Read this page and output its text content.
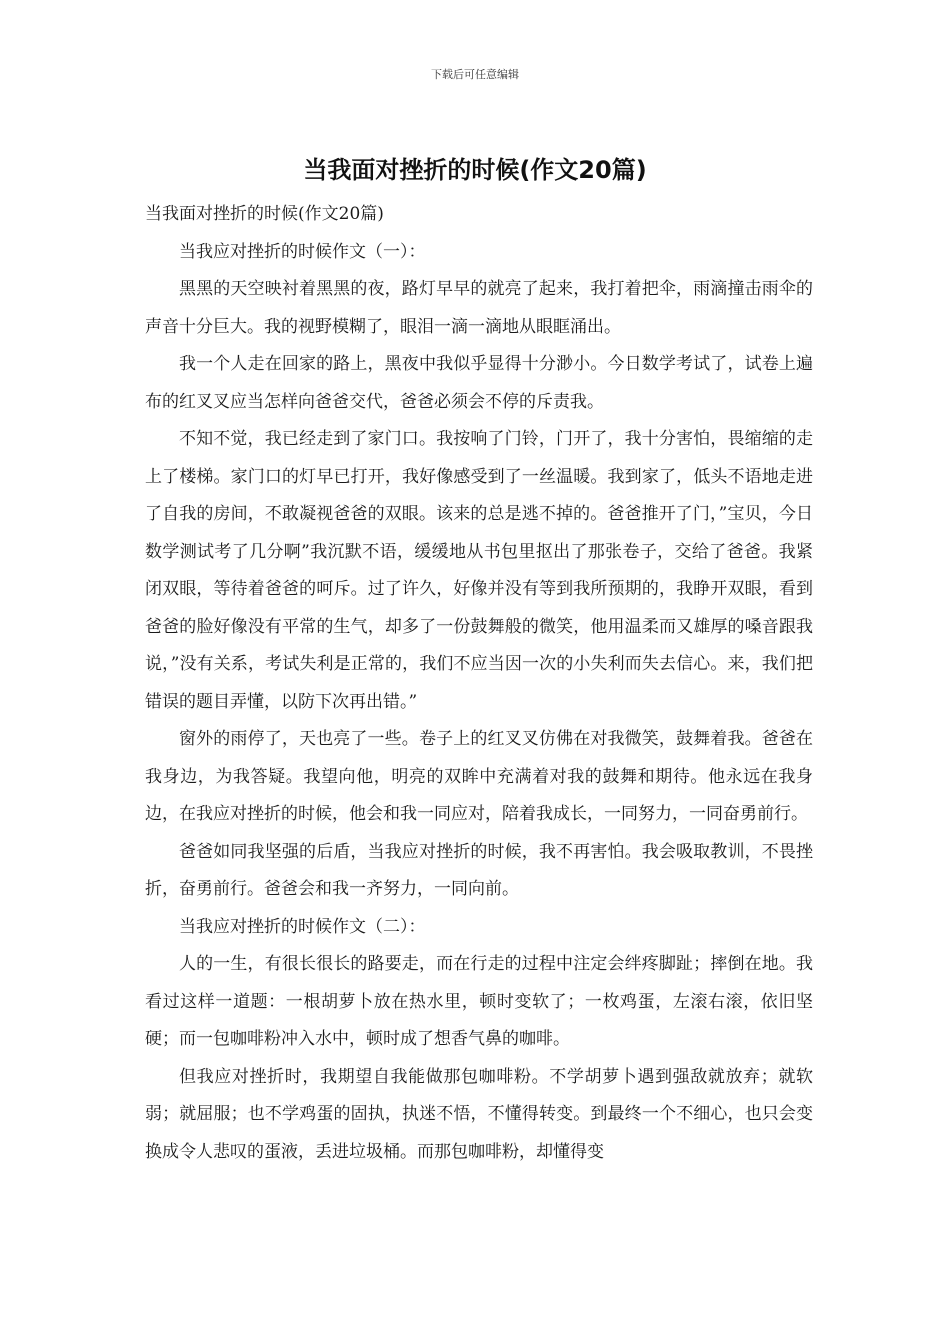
下载后可任意编辑
当我面对挫折的时候(作文20篇)

当我面对挫折的时候(作文20篇)

当我应对挫折的时候作文（一）：

黑黑的天空映衬着黑黑的夜，路灯早早的就亮了起来，我打着把伞，雨滴撞击雨伞的声音十分巨大。我的视野模糊了，眼泪一滴一滴地从眼眶涌出。

我一个人走在回家的路上，黑夜中我似乎显得十分渺小。今日数学考试了，试卷上遍布的红叉叉应当怎样向爸爸交代，爸爸必须会不停的斥责我。

不知不觉，我已经走到了家门口。我按响了门铃，门开了，我十分害怕，畏缩缩的走上了楼梯。家门口的灯早已打开，我好像感受到了一丝温暖。我到家了，低头不语地走进了自我的房间，不敢凝视爸爸的双眼。该来的总是逃不掉的。爸爸推开了门，”宝贝，今日数学测试考了几分啊”我沉默不语，缓缓地从书包里抠出了那张卷子，交给了爸爸。我紧闭双眼，等待着爸爸的呵斥。过了许久，好像并没有等到我所预期的，我睁开双眼，看到爸爸的脸好像没有平常的生气，却多了一份鼓舞般的微笑，他用温柔而又雄厚的嗓音跟我说，”没有关系，考试失利是正常的，我们不应当因一次的小失利而失去信心。来，我们把错误的题目弄懂，以防下次再出错。”

窗外的雨停了，天也亮了一些。卷子上的红叉叉仿佛在对我微笑，鼓舞着我。爸爸在我身边，为我答疑。我望向他，明亮的双眸中充满着对我的鼓舞和期待。他永远在我身边，在我应对挫折的时候，他会和我一同应对，陪着我成长，一同努力，一同奋勇前行。

爸爸如同我坚强的后盾，当我应对挫折的时候，我不再害怕。我会吸取教训，不畏挫折，奋勇前行。爸爸会和我一齐努力，一同向前。

当我应对挫折的时候作文（二）：

人的一生，有很长很长的路要走，而在行走的过程中注定会绊疼脚趾；摔倒在地。我看过这样一道题：一根胡萝卜放在热水里，顿时变软了；一枚鸡蛋，左滚右滚，依旧坚硬；而一包咖啡粉冲入水中，顿时成了想香气鼻的咖啡。

但我应对挫折时，我期望自我能做那包咖啡粉。不学胡萝卜遇到强敌就放弃；就软弱；就屈服；也不学鸡蛋的固执，执迷不悟，不懂得转变。到最终一个不细心，也只会变换成令人悲叹的蛋液，丢进垃圾桶。而那包咖啡粉，却懂得变
